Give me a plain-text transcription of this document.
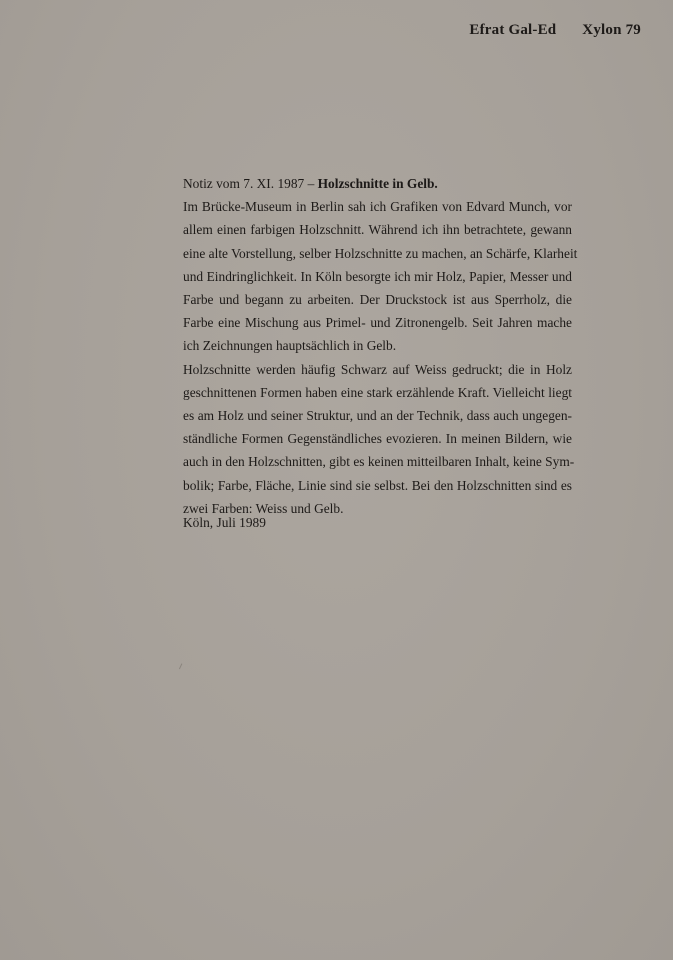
Efrat Gal-Ed Xylon 79
Notiz vom 7. XI. 1987 – Holzschnitte in Gelb.
Im Brücke-Museum in Berlin sah ich Grafiken von Edvard Munch, vor
allem einen farbigen Holzschnitt. Während ich ihn betrachtete, gewann
eine alte Vorstellung, selber Holzschnitte zu machen, an Schärfe, Klarheit
und Eindringlichkeit. In Köln besorgte ich mir Holz, Papier, Messer und
Farbe und begann zu arbeiten. Der Druckstock ist aus Sperrholz, die
Farbe eine Mischung aus Primel- und Zitronengelb. Seit Jahren mache
ich Zeichnungen hauptsächlich in Gelb.
Holzschnitte werden häufig Schwarz auf Weiss gedruckt; die in Holz
geschnittenen Formen haben eine stark erzählende Kraft. Vielleicht liegt
es am Holz und seiner Struktur, und an der Technik, dass auch ungegen-
ständliche Formen Gegenständliches evozieren. In meinen Bildern, wie
auch in den Holzschnitten, gibt es keinen mitteilbaren Inhalt, keine Sym-
bolik; Farbe, Fläche, Linie sind sie selbst. Bei den Holzschnitten sind es
zwei Farben: Weiss und Gelb.
Köln, Juli 1989
